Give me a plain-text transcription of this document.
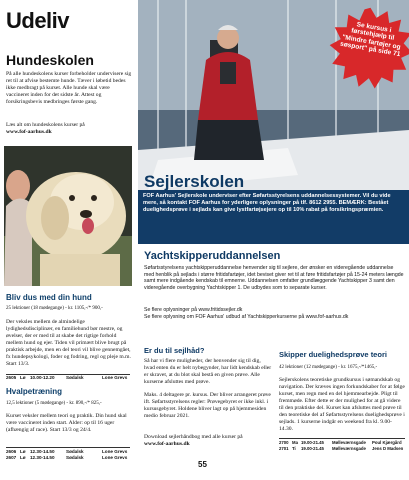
Udeliv
Hundeskolen
På alle hundeskolens kurser forbeholder undervisere sig ret til at afvise bestemte hunde. Tæver i løbetid bedes ikke medbragt på kurset. Alle hunde skal være vaccineret inden for det sidste år. Attest og forsikringsbevis medbringes første gang.
Læs alt om hundeskolens kurser på
www.fof-aarhus.dk
Bliv dus med din hund
25 lektioner (18 mødegange) - kr. 1105,-/* 900,-
Der veksles mellem de almindelige lydighedsdisciplinær, en familiehund bør mestre, og øvelser, der er med til at skabe det rigtige forhold mellem hund og ejer. Tiden vil primært blive brugt på praktisk arbejde, men en del teori vil blive gennemgået, fx hundepsykologi, foder og fodring, regl og pleje m.m. Start 13/3.
2605 Lø 10.00-12.20	Sødalsk	Lone Grevs
Hvalpetræning
12,5 lektioner (5 mødegange) - kr. 890,-/* 825,-
Kurset veksler mellem teori og praktik. Din hund skal være vaccineret inden start. Alder: op til 16 uger (afhængig af race). Start 13/3 og 24/4.
2606 Lø 12.30-14.50	Sødalsk	Lone Grevs
2607 Lø 12.30-14.50	Sødalsk	Lone Grevs
Se kursus i førstehjælp til "Mindre fartøjer og søsport" på side 71
Sejlerskolen
FOF Aarhus' Sejlerskole underviser efter Søfartsstyrelsens uddannelsessystemer. Vil du vide mere, så kontakt FOF Aarhus for yderligere oplysninger på tlf. 8612 2955. BEMÆRK: Bestået duelighedsprøve i sejlads kan give lystfartøjsejere op til 10% rabat på forsikringspræmien.
Yachtskipperuddannelsen
Søfartsstyrelsens yachtskipperuddannelse henvender sig til sejlere, der ønsker en videregående uddannelse med henblik på sejlads i større fritidsfartøjer, idet beviset giver ret til at føre fritidsfartøjer på 15-24 meters længde samt mere indgående kendskab til emnerne. Uddannelsen omfatter grundlæggende Yachtskipper 3 samt den videregående overbygning Yachtskipper 1. De udbydes som to separate kurser.
Se flere oplysninger på www.fritidssejler.dk
Se flere oplysning om FOF Aarhus' udbud af Yachtskipperkurserne på www.fof-aarhus.dk
Er du til sejlhåd?
Så har vi flere muligheder, der henvender sig til dig, hvad enten du er helt nybegynder, har lidt kendskab eller er skravet, at du blot skal bestå en given prøve. Alle kurserne afsluttes med prøve.
Maks. 4 deltagere pr. kursus. Der bliver arrangeret prøve ift. Søfartsstyrelsens regler: Prøvegebyret er ikke inkl. i kursusgebyret. Holdene bliver lagt op på hjemmesiden medio februar 2021.
Download sejlerhåndbog med alle kurser på
www.fof-aarhus.dk
Skipper duelighedsprøve teori
42 lektioner (12 mødegange) - kr. 1675,-/*1465,-
Sejlerskolens teoretiske grundkursus i sømandskab og navigation. Der kræves ingen forkundskaber for at følge kurset, men regn med en del hjemmearbejde. Pligt til fremmøde. Efter dette er der mulighed for at gå videre til den praktiske del. Kurset kan afsluttes med prøve til den teoretiske del af Søfartsstyrelsens duelighedsprøve i sejlads. 1 kurserne indgår en weekend fra kl. 9.00-14.30.
2700 Ma 19.00-21.45	Mølleværnsgade	Poul Kjærgård
2701 Ti	19.00-21.45	Mølleværnsgade	Jens D Madsen
55
